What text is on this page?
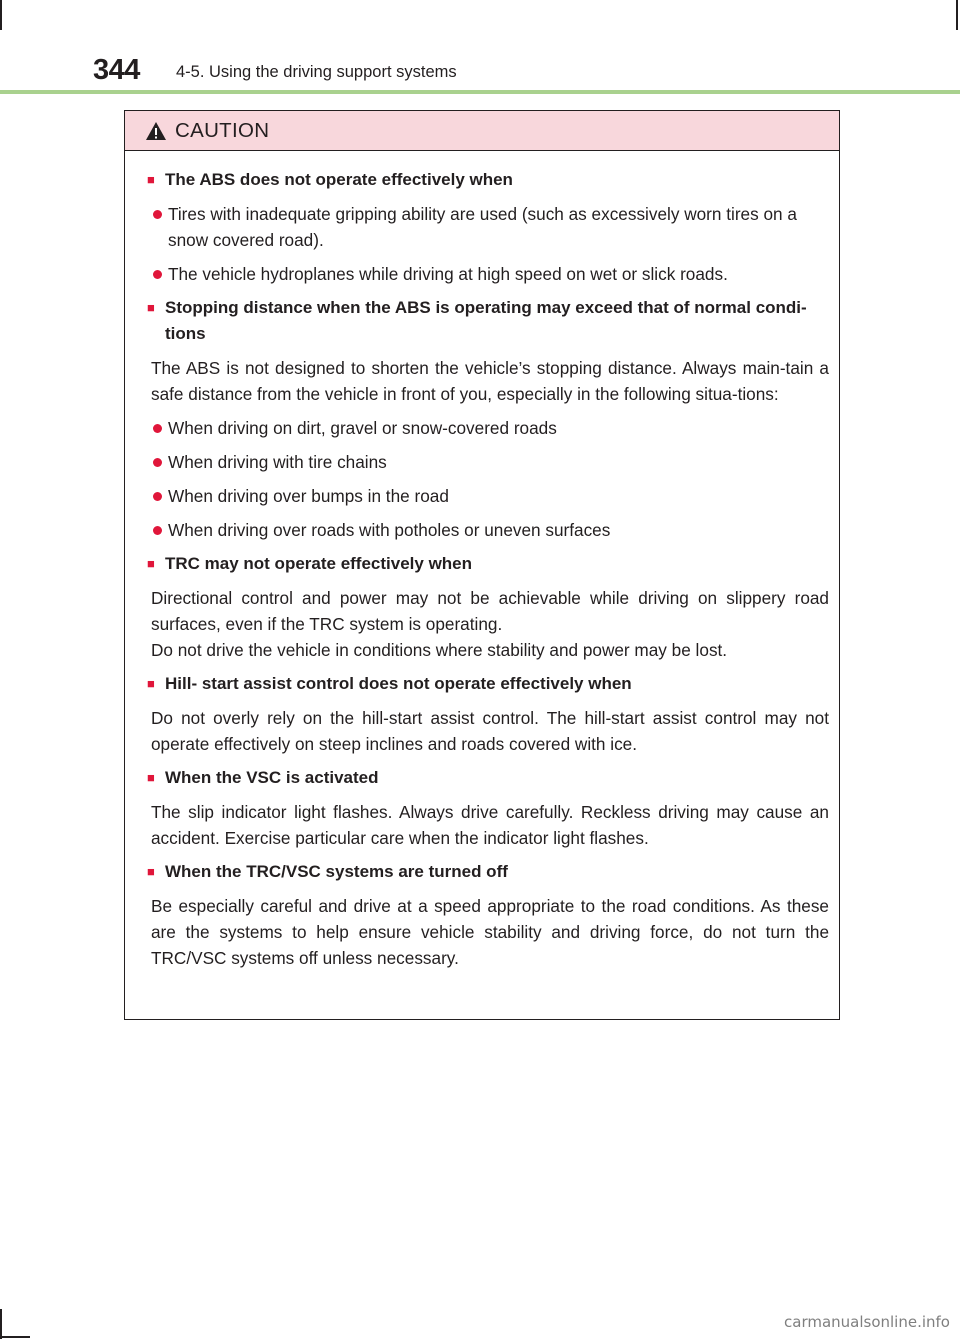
344 4-5. Using the driving support systems
CAUTION
■ The ABS does not operate effectively when
Tires with inadequate gripping ability are used (such as excessively worn tires on a snow covered road).
The vehicle hydroplanes while driving at high speed on wet or slick roads.
■ Stopping distance when the ABS is operating may exceed that of normal condi-tions
The ABS is not designed to shorten the vehicle’s stopping distance. Always main-tain a safe distance from the vehicle in front of you, especially in the following situa-tions:
When driving on dirt, gravel or snow-covered roads
When driving with tire chains
When driving over bumps in the road
When driving over roads with potholes or uneven surfaces
■ TRC may not operate effectively when
Directional control and power may not be achievable while driving on slippery road surfaces, even if the TRC system is operating.
Do not drive the vehicle in conditions where stability and power may be lost.
■ Hill- start assist control does not operate effectively when
Do not overly rely on the hill-start assist control. The hill-start assist control may not operate effectively on steep inclines and roads covered with ice.
■ When the VSC is activated
The slip indicator light flashes. Always drive carefully. Reckless driving may cause an accident. Exercise particular care when the indicator light flashes.
■ When the TRC/VSC systems are turned off
Be especially careful and drive at a speed appropriate to the road conditions. As these are the systems to help ensure vehicle stability and driving force, do not turn the TRC/VSC systems off unless necessary.
carmanualsonline.info
